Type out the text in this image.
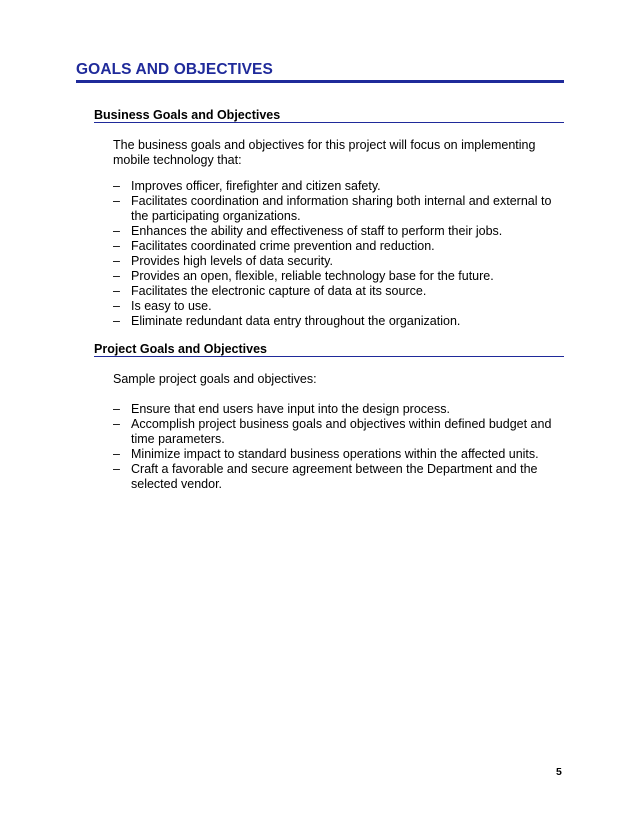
GOALS AND OBJECTIVES
Business Goals and Objectives
The business goals and objectives for this project will focus on implementing mobile technology that:
– Improves officer, firefighter and citizen safety.
– Facilitates coordination and information sharing both internal and external to the participating organizations.
– Enhances the ability and effectiveness of staff to perform their jobs.
– Facilitates coordinated crime prevention and reduction.
– Provides high levels of data security.
– Provides an open, flexible, reliable technology base for the future.
– Facilitates the electronic capture of data at its source.
– Is easy to use.
– Eliminate redundant data entry throughout the organization.
Project Goals and Objectives
Sample project goals and objectives:
– Ensure that end users have input into the design process.
– Accomplish project business goals and objectives within defined budget and time parameters.
– Minimize impact to standard business operations within the affected units.
– Craft a favorable and secure agreement between the Department and the selected vendor.
5
